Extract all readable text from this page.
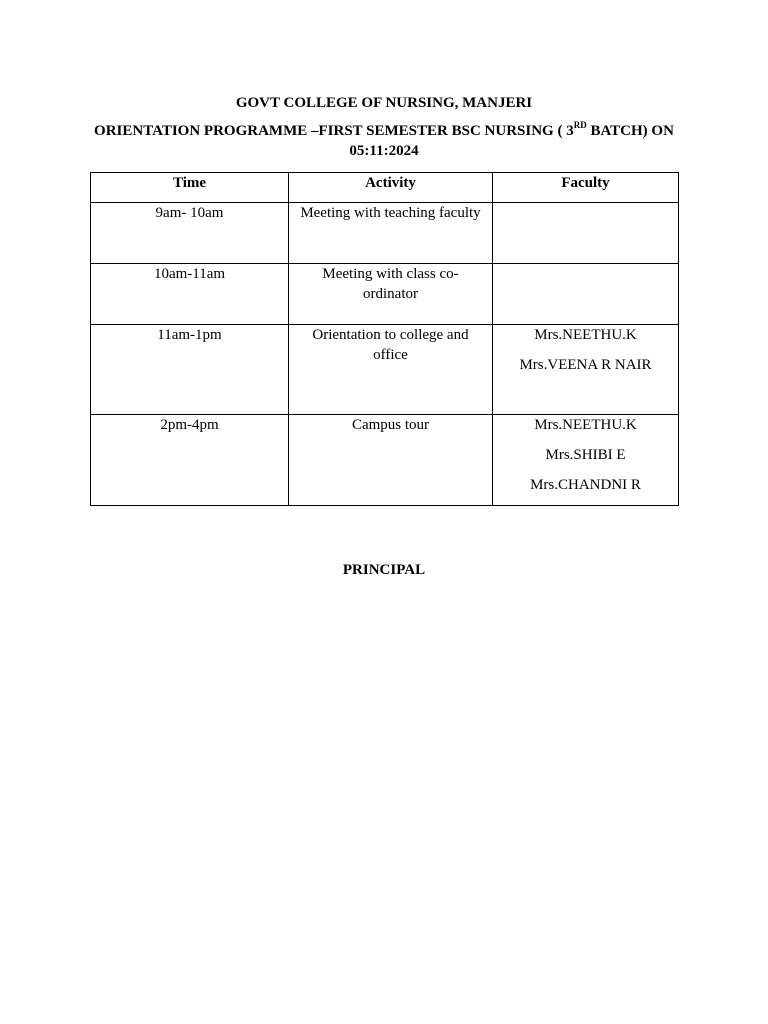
GOVT COLLEGE OF NURSING, MANJERI
ORIENTATION PROGRAMME –FIRST SEMESTER BSC NURSING ( 3RD BATCH) ON 05:11:2024
Time	Activity	Faculty
9am- 10am	Meeting with teaching faculty	
10am-11am	Meeting with class co-ordinator	
11am-1pm	Orientation to college and office	Mrs.NEETHU.K
Mrs.VEENA R NAIR

2pm-4pm	Campus tour	Mrs.NEETHU.K
Mrs.SHIBI E
Mrs.CHANDNI R
PRINCIPAL
